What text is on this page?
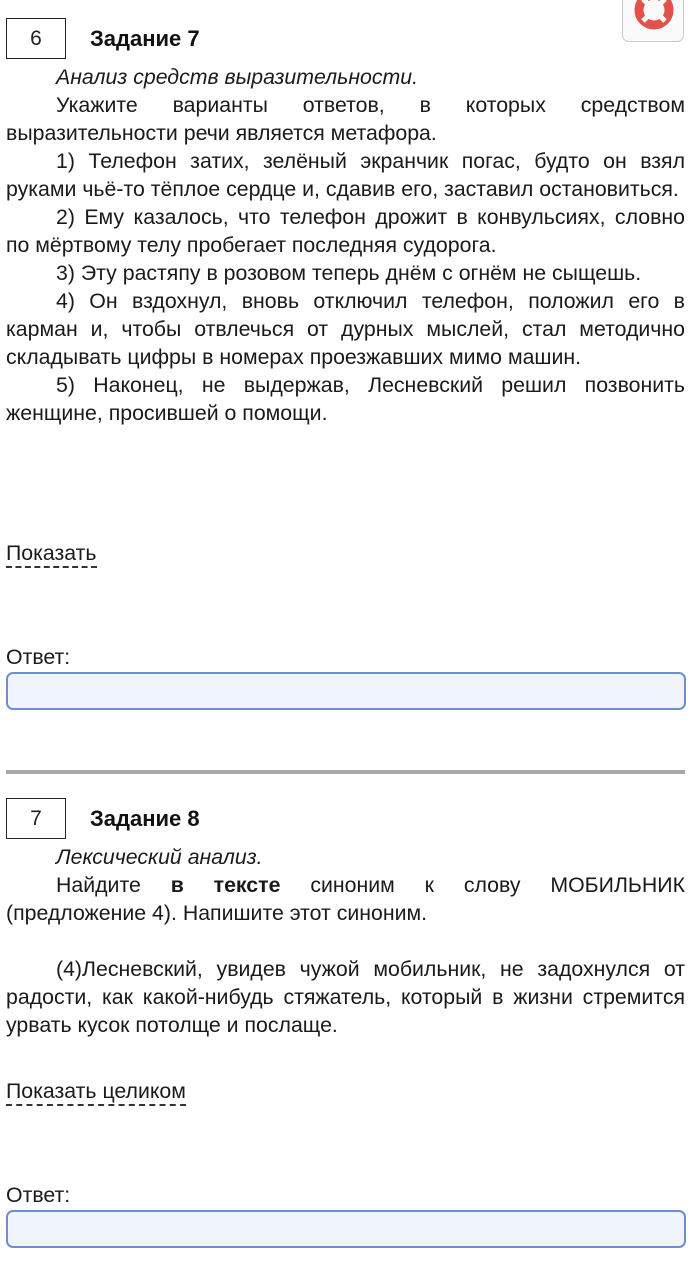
6	Задание 7

Анализ средств выразительности.

Укажите варианты ответов, в которых средством выразительности речи является метафора.

1) Телефон затих, зелёный экранчик погас, будто он взял руками чьё-то тёплое сердце и, сдавив его, заставил остановиться.

2) Ему казалось, что телефон дрожит в конвульсиях, словно по мёртвому телу пробегает последняя судорога.

3) Эту растяпу в розовом теперь днём с огнём не сыщешь.

4) Он вздохнул, вновь отключил телефон, положил его в карман и, чтобы отвлечься от дурных мыслей, стал методично складывать цифры в номерах проезжавших мимо машин.

5) Наконец, не выдержав, Лесневский решил позвонить женщине, просившей о помощи.

Показать
Ответ:
7	Задание 8

Лексический анализ.

Найдите в тексте синоним к слову МОБИЛЬНИК (предложение 4). Напишите этот синоним.

(4)Лесневский, увидев чужой мобильник, не задохнулся от радости, как какой-нибудь стяжатель, который в жизни стремится урвать кусок потолще и послаще.

Показать целиком
Ответ:
